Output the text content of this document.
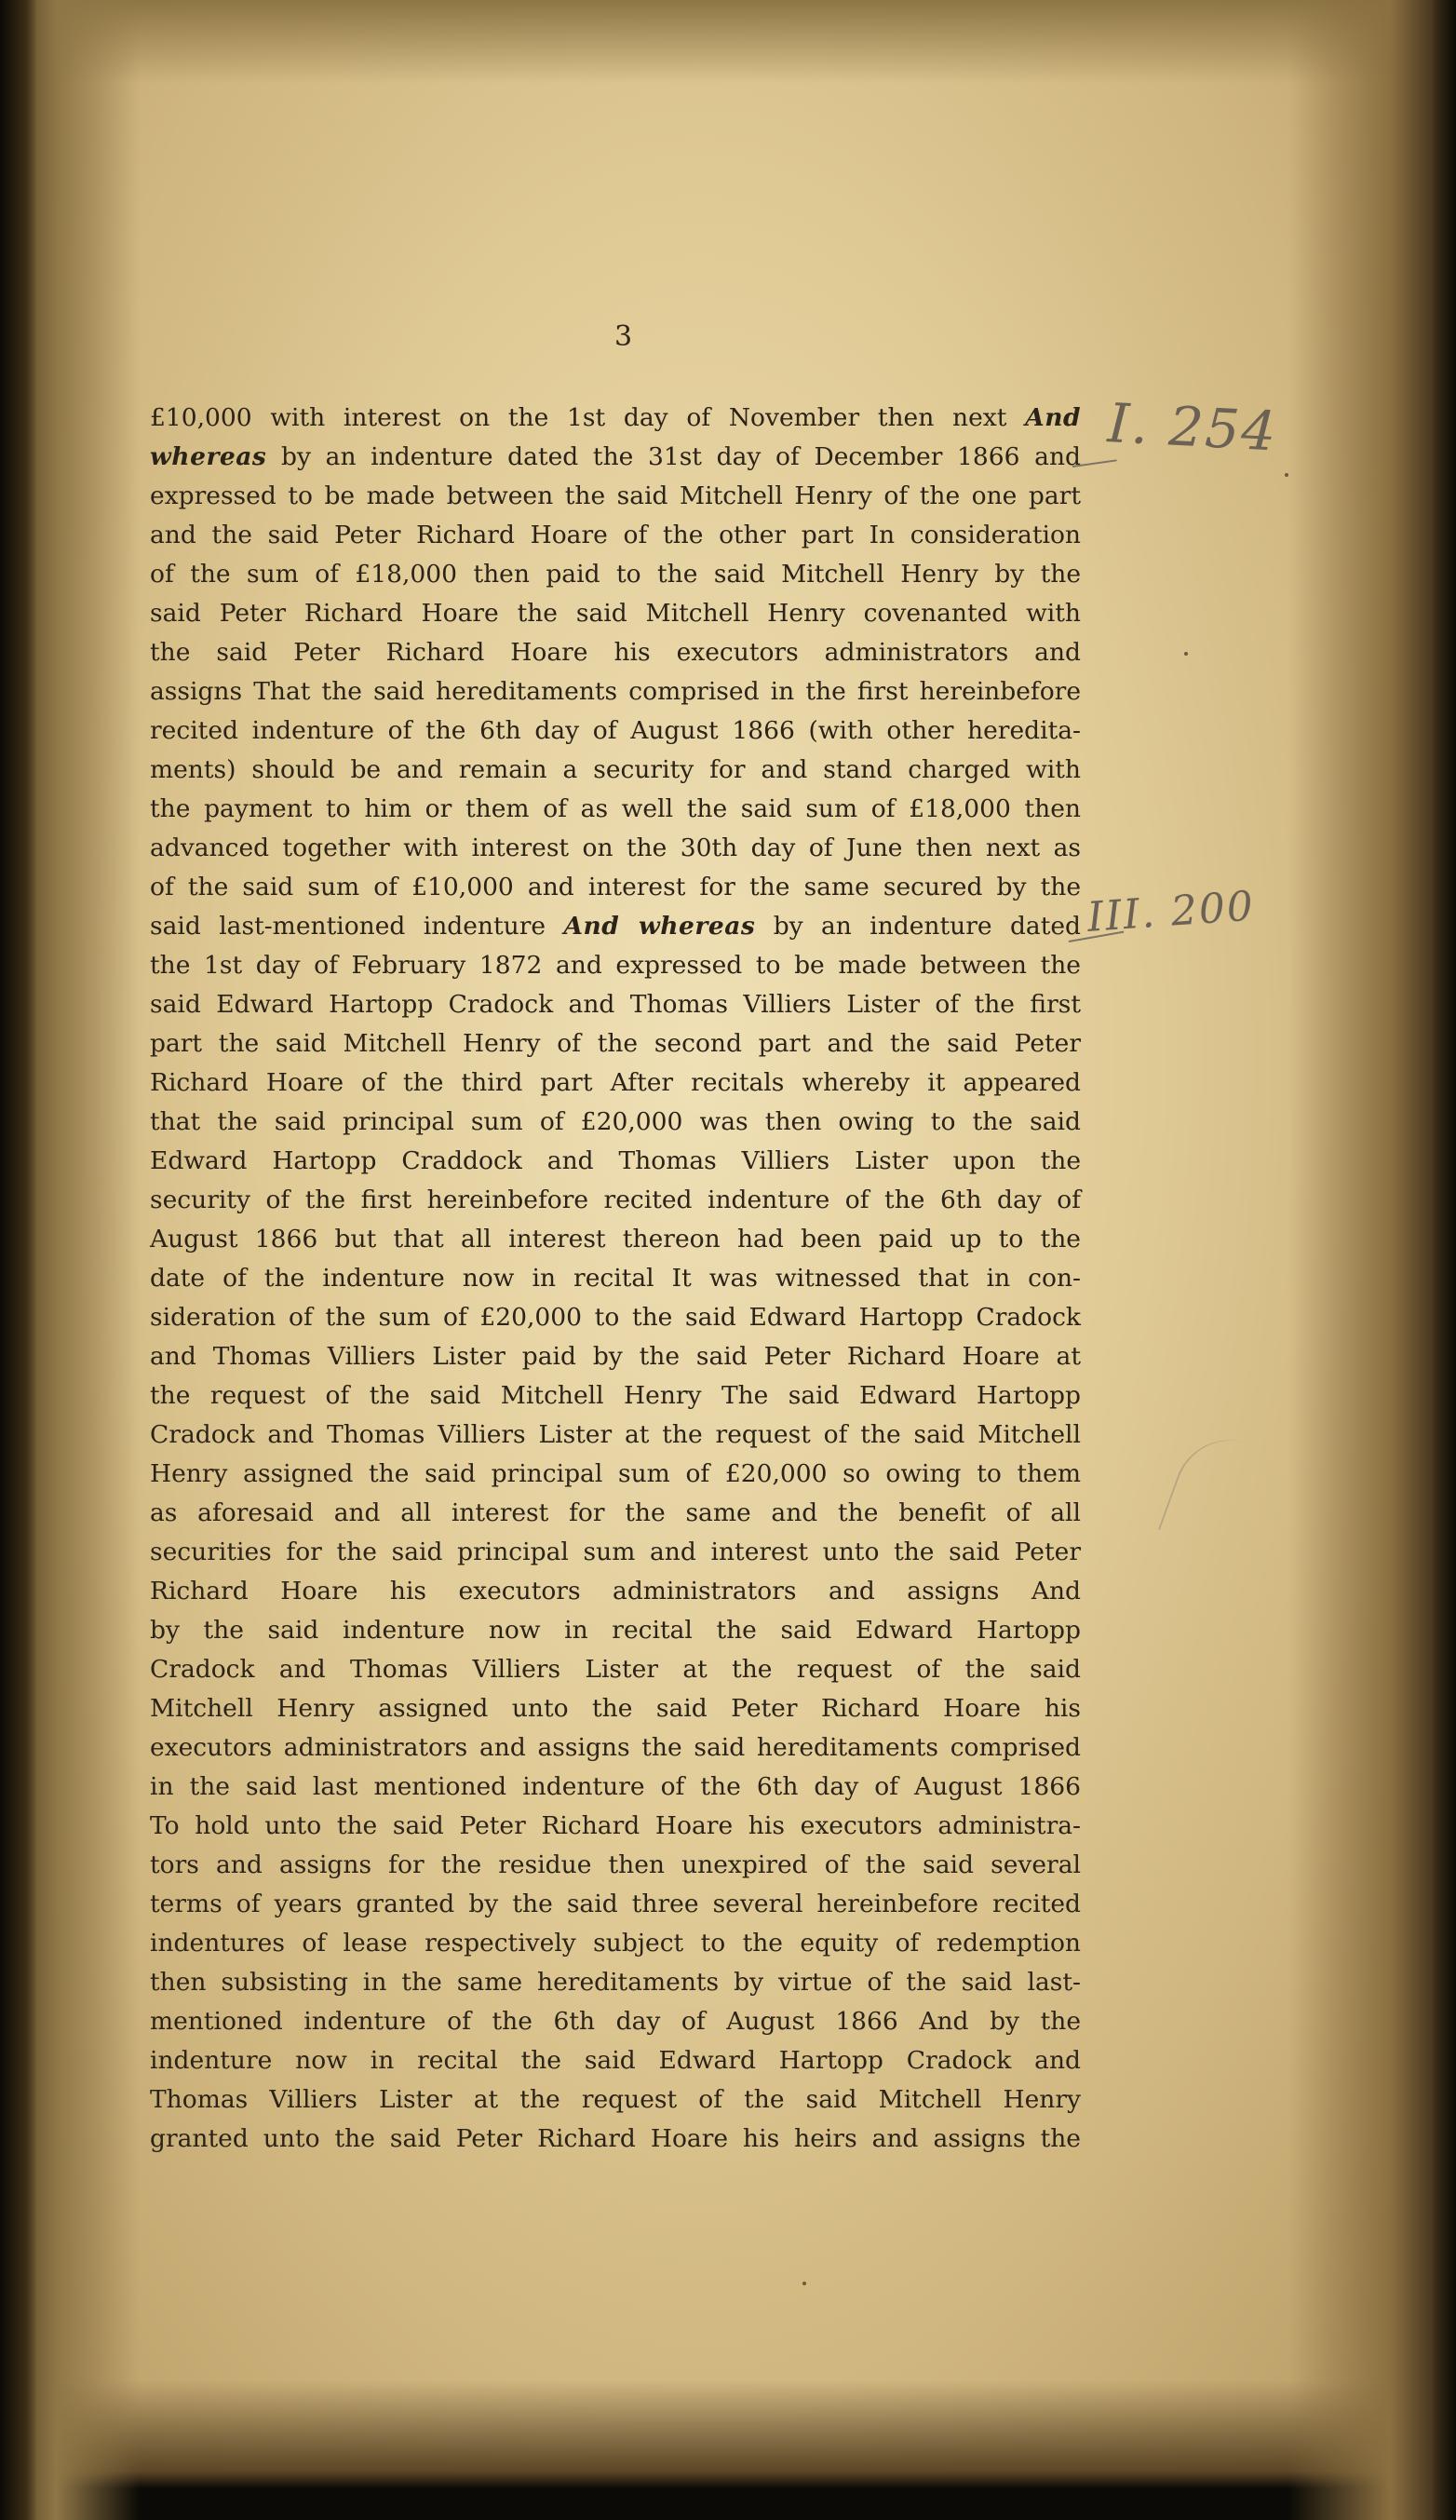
3
£10,000 with interest on the 1st day of November then next And
whereas by an indenture dated the 31st day of December 1866 and
expressed to be made between the said Mitchell Henry of the one part
and the said Peter Richard Hoare of the other part In consideration
of the sum of £18,000 then paid to the said Mitchell Henry by the
said Peter Richard Hoare the said Mitchell Henry covenanted with
the said Peter Richard Hoare his executors administrators and
assigns That the said hereditaments comprised in the first hereinbefore
recited indenture of the 6th day of August 1866 (with other heredita-
ments) should be and remain a security for and stand charged with
the payment to him or them of as well the said sum of £18,000 then
advanced together with interest on the 30th day of June then next as
of the said sum of £10,000 and interest for the same secured by the
said last-mentioned indenture And whereas by an indenture dated
the 1st day of February 1872 and expressed to be made between the
said Edward Hartopp Cradock and Thomas Villiers Lister of the first
part the said Mitchell Henry of the second part and the said Peter
Richard Hoare of the third part After recitals whereby it appeared
that the said principal sum of £20,000 was then owing to the said
Edward Hartopp Craddock and Thomas Villiers Lister upon the
security of the first hereinbefore recited indenture of the 6th day of
August 1866 but that all interest thereon had been paid up to the
date of the indenture now in recital It was witnessed that in con-
sideration of the sum of £20,000 to the said Edward Hartopp Cradock
and Thomas Villiers Lister paid by the said Peter Richard Hoare at
the request of the said Mitchell Henry The said Edward Hartopp
Cradock and Thomas Villiers Lister at the request of the said Mitchell
Henry assigned the said principal sum of £20,000 so owing to them
as aforesaid and all interest for the same and the benefit of all
securities for the said principal sum and interest unto the said Peter
Richard Hoare his executors administrators and assigns And
by the said indenture now in recital the said Edward Hartopp
Cradock and Thomas Villiers Lister at the request of the said
Mitchell Henry assigned unto the said Peter Richard Hoare his
executors administrators and assigns the said hereditaments comprised
in the said last mentioned indenture of the 6th day of August 1866
To hold unto the said Peter Richard Hoare his executors administra-
tors and assigns for the residue then unexpired of the said several
terms of years granted by the said three several hereinbefore recited
indentures of lease respectively subject to the equity of redemption
then subsisting in the same hereditaments by virtue of the said last-
mentioned indenture of the 6th day of August 1866 And by the
indenture now in recital the said Edward Hartopp Cradock and
Thomas Villiers Lister at the request of the said Mitchell Henry
granted unto the said Peter Richard Hoare his heirs and assigns the
I. 254
III. 200
